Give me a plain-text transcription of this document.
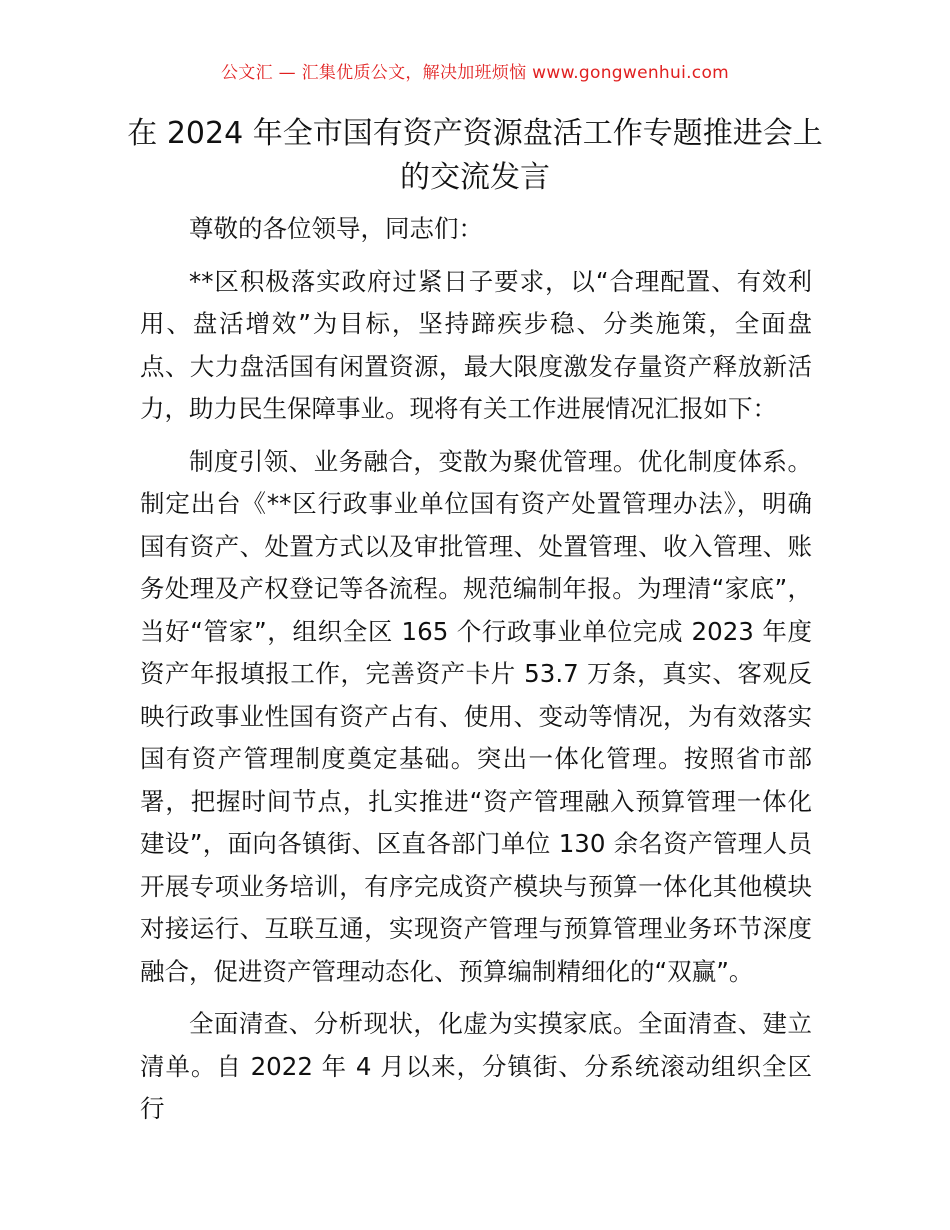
公文汇 — 汇集优质公文，解决加班烦恼 www.gongwenhui.com
在 2024 年全市国有资产资源盘活工作专题推进会上的交流发言

尊敬的各位领导，同志们：

**区积极落实政府过紧日子要求，以“合理配置、有效利用、盘活增效”为目标，坚持蹄疾步稳、分类施策，全面盘点、大力盘活国有闲置资源，最大限度激发存量资产释放新活力，助力民生保障事业。现将有关工作进展情况汇报如下：

制度引领、业务融合，变散为聚优管理。优化制度体系。制定出台《**区行政事业单位国有资产处置管理办法》，明确国有资产、处置方式以及审批管理、处置管理、收入管理、账务处理及产权登记等各流程。规范编制年报。为理清“家底”，当好“管家”，组织全区 165 个行政事业单位完成 2023 年度资产年报填报工作，完善资产卡片 53.7 万条，真实、客观反映行政事业性国有资产占有、使用、变动等情况，为有效落实国有资产管理制度奠定基础。突出一体化管理。按照省市部署，把握时间节点，扎实推进“资产管理融入预算管理一体化建设”，面向各镇街、区直各部门单位 130 余名资产管理人员开展专项业务培训，有序完成资产模块与预算一体化其他模块对接运行、互联互通，实现资产管理与预算管理业务环节深度融合，促进资产管理动态化、预算编制精细化的“双赢”。

全面清查、分析现状，化虚为实摸家底。全面清查、建立清单。自 2022 年 4 月以来，分镇街、分系统滚动组织全区行
